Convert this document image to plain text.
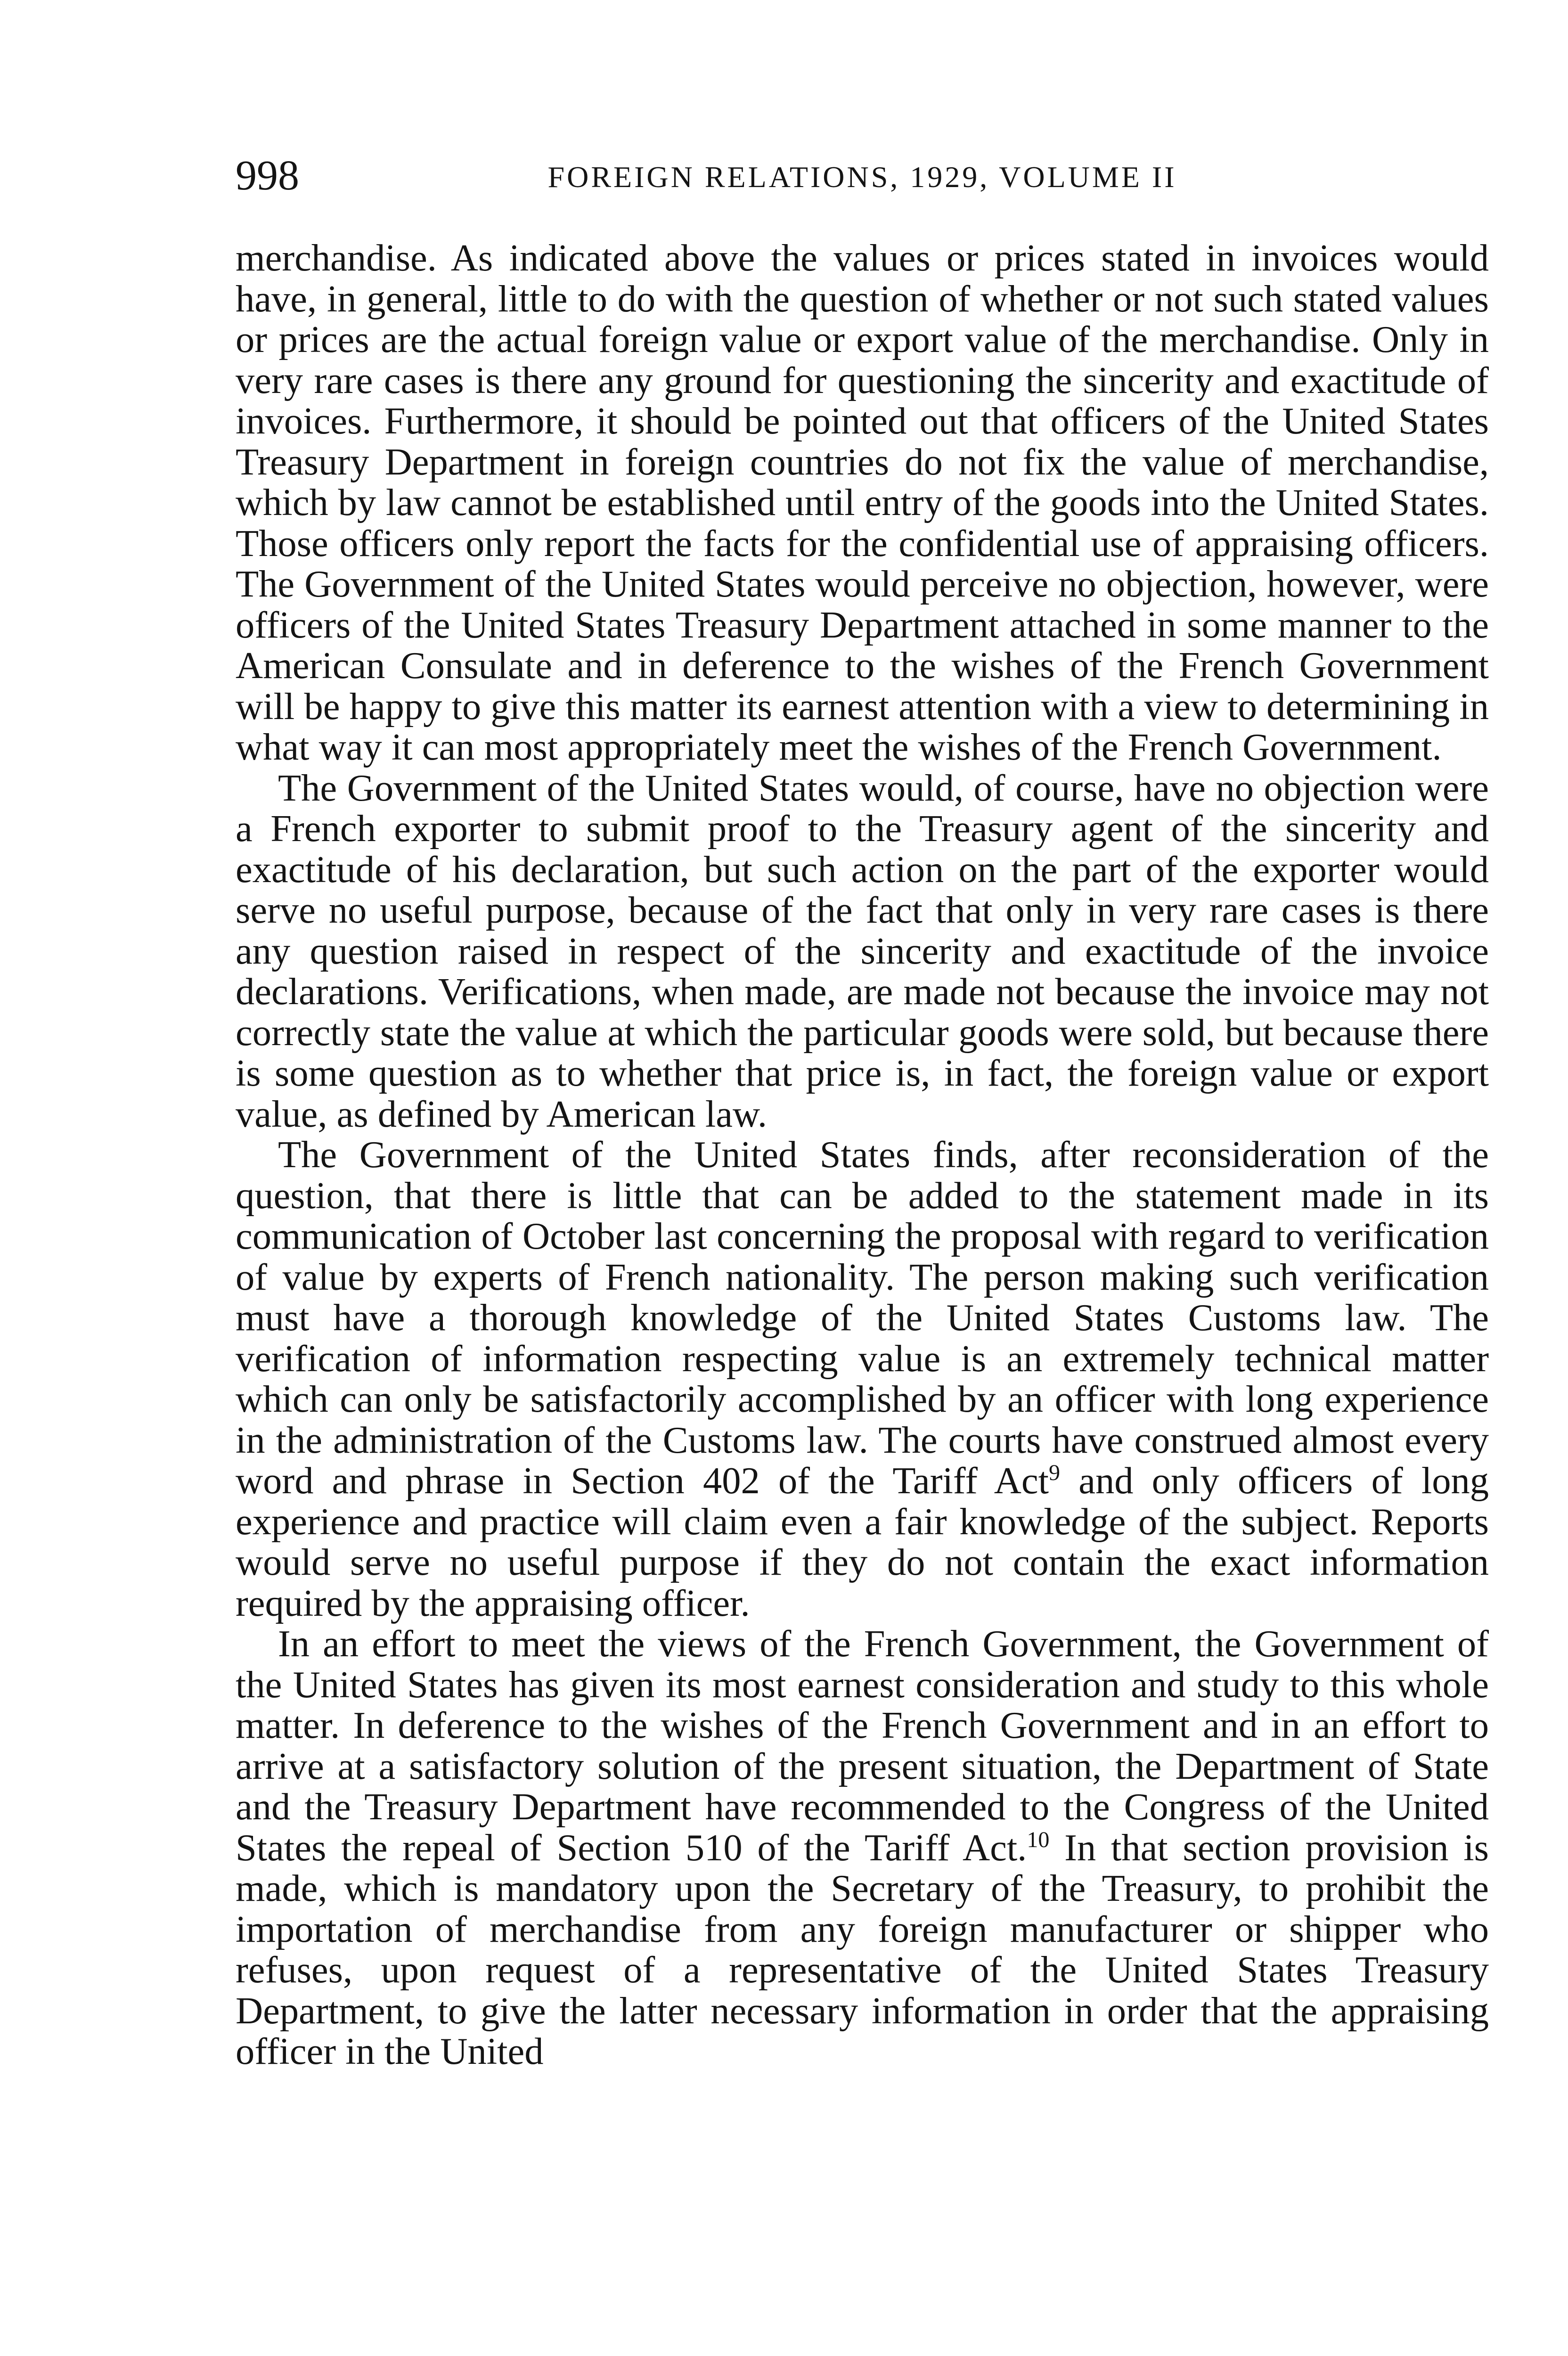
998	FOREIGN RELATIONS, 1929, VOLUME II

merchandise. As indicated above the values or prices stated in invoices would have, in general, little to do with the question of whether or not such stated values or prices are the actual foreign value or export value of the merchandise. Only in very rare cases is there any ground for questioning the sincerity and exactitude of invoices. Furthermore, it should be pointed out that officers of the United States Treasury Department in foreign countries do not fix the value of merchandise, which by law cannot be established until entry of the goods into the United States. Those officers only report the facts for the confidential use of appraising officers. The Government of the United States would perceive no objection, however, were officers of the United States Treasury Department attached in some manner to the American Consulate and in deference to the wishes of the French Government will be happy to give this matter its earnest attention with a view to determining in what way it can most appropriately meet the wishes of the French Government.

The Government of the United States would, of course, have no objection were a French exporter to submit proof to the Treasury agent of the sincerity and exactitude of his declaration, but such action on the part of the exporter would serve no useful purpose, because of the fact that only in very rare cases is there any question raised in respect of the sincerity and exactitude of the invoice declarations. Verifications, when made, are made not because the invoice may not correctly state the value at which the particular goods were sold, but because there is some question as to whether that price is, in fact, the foreign value or export value, as defined by American law.

The Government of the United States finds, after reconsideration of the question, that there is little that can be added to the statement made in its communication of October last concerning the proposal with regard to verification of value by experts of French nationality. The person making such verification must have a thorough knowledge of the United States Customs law. The verification of information respecting value is an extremely technical matter which can only be satisfactorily accomplished by an officer with long experience in the administration of the Customs law. The courts have construed almost every word and phrase in Section 402 of the Tariff Act$^9$ and only officers of long experience and practice will claim even a fair knowledge of the subject. Reports would serve no useful purpose if they do not contain the exact information required by the appraising officer.

In an effort to meet the views of the French Government, the Government of the United States has given its most earnest consideration and study to this whole matter. In deference to the wishes of the French Government and in an effort to arrive at a satisfactory solution of the present situation, the Department of State and the Treasury Department have recommended to the Congress of the United States the repeal of Section 510 of the Tariff Act.$^{10}$ In that section provision is made, which is mandatory upon the Secretary of the Treasury, to prohibit the importation of merchandise from any foreign manufacturer or shipper who refuses, upon request of a representative of the United States Treasury Department, to give the latter necessary information in order that the appraising officer in the United
